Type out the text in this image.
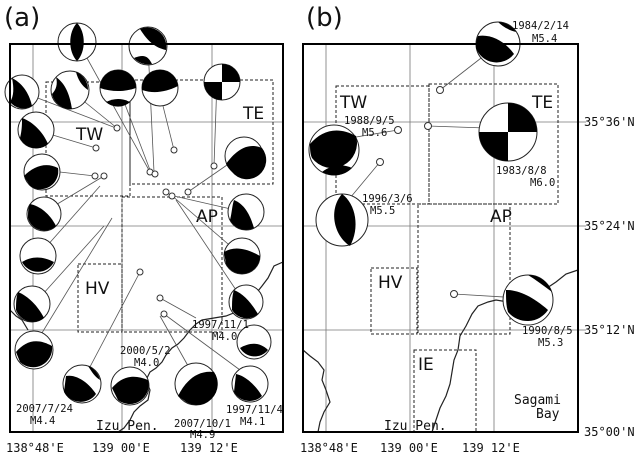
(a)
TE
TW
AP
HV
1997/11/1
M4.0
2000/5/2
M4.0
2007/7/24
M4.4	2007/10/1
M4.9
1997/11/4
M4.1
Izu Pen.
138°48'E 139 00'E	139 12'E
(b)
TE
TW
AP
HV
IE
1984/2/14
M5.4
1988/9/5
M5.6
1983/8/8
M6.0
1996/3/6
M5.5
1990/8/5
M5.3
Izu Pen.
Sagami
Bay
138°48'E 139 00'E 139 12'E
35°36'N
35°24'N
35°12'N
35°00'N
